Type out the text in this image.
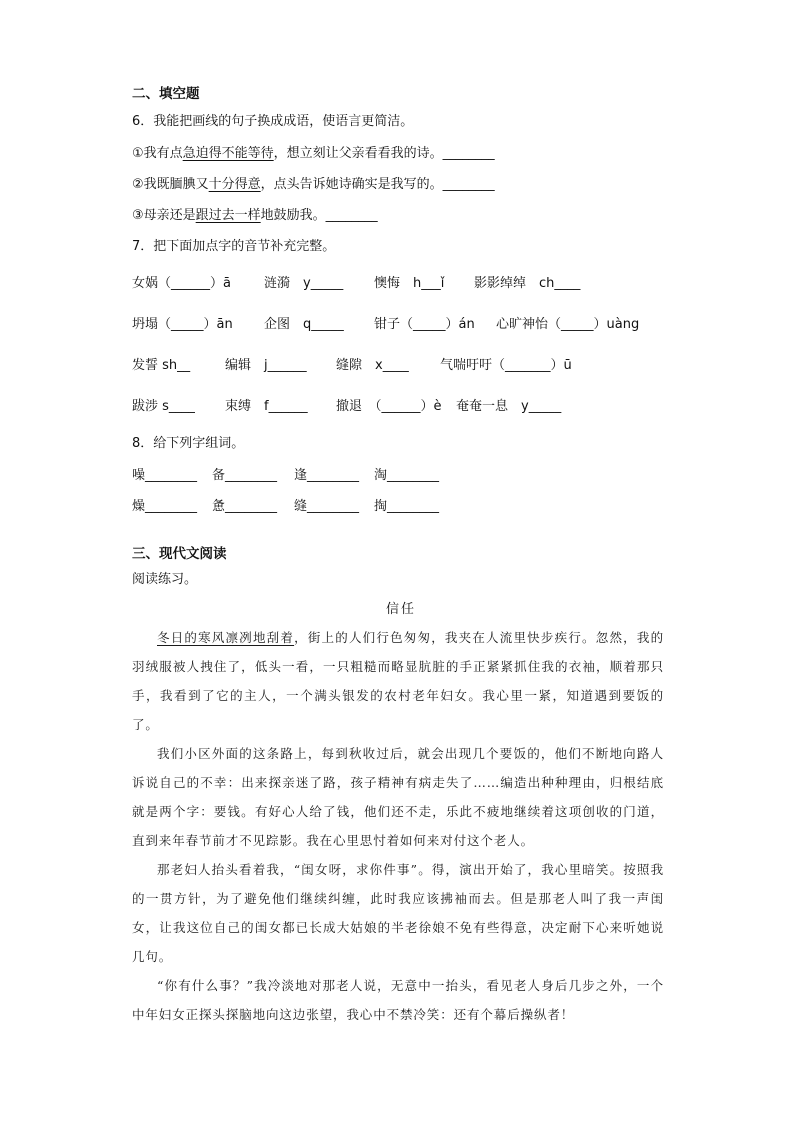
二、填空题
6．我能把画线的句子换成成语，使语言更简洁。
①我有点急迫得不能等待，想立刻让父亲看看我的诗。________
②我既腼腆又十分得意，点头告诉她诗确实是我写的。________
③母亲还是跟过去一样地鼓励我。________
7．把下面加点字的音节补充完整。
女娲（______）ā	涟漪　y_____ 懊悔　h___ǐ 影影绰绰　ch____
坍塌（_____）ān 企图　q_____ 钳子（_____）án 心旷神怡（_____）uàng
发誓 sh__	编辑　j______ 缝隙　x____ 气喘吁吁（_______）ū
跋涉 s____ 束缚　f______ 撤退　（______）è 奄奄一息　y_____
8．给下列字组词。
噪________ 备________ 逢________ 淘________
燥________ 惫________ 缝________ 掏________
三、现代文阅读
阅读练习。
信任

冬日的寒风凛冽地刮着，街上的人们行色匆匆，我夹在人流里快步疾行。忽然，我的羽绒服被人拽住了，低头一看，一只粗糙而略显肮脏的手正紧紧抓住我的衣袖，顺着那只手，我看到了它的主人，一个满头银发的农村老年妇女。我心里一紧，知道遇到要饭的了。

我们小区外面的这条路上，每到秋收过后，就会出现几个要饭的，他们不断地向路人诉说自己的不幸：出来探亲迷了路，孩子精神有病走失了……编造出种种理由，归根结底就是两个字：要钱。有好心人给了钱，他们还不走，乐此不疲地继续着这项创收的门道，直到来年春节前才不见踪影。我在心里思忖着如何来对付这个老人。

那老妇人抬头看着我，“闺女呀，求你件事”。得，演出开始了，我心里暗笑。按照我的一贯方针，为了避免他们继续纠缠，此时我应该拂袖而去。但是那老人叫了我一声闺女，让我这位自己的闺女都已长成大姑娘的半老徐娘不免有些得意，决定耐下心来听她说几句。

“你有什么事？”我冷淡地对那老人说，无意中一抬头，看见老人身后几步之外，一个中年妇女正探头探脑地向这边张望，我心中不禁冷笑：还有个幕后操纵者！
